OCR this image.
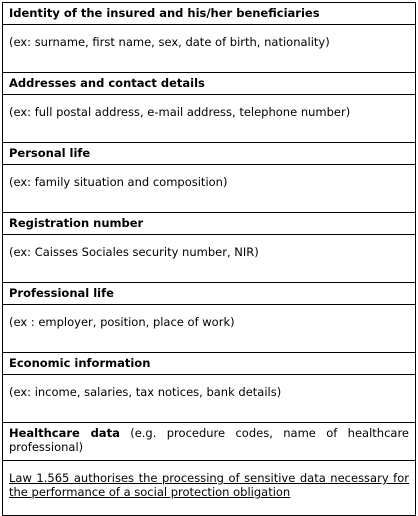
Identity of the insured and his/her beneficiaries
(ex: surname, first name, sex, date of birth, nationality)
Addresses and contact details
(ex: full postal address, e-mail address, telephone number)
Personal life
(ex: family situation and composition)
Registration number
(ex: Caisses Sociales security number, NIR)
Professional life
(ex : employer, position, place of work)
Economic information
(ex: income, salaries, tax notices, bank details)
Healthcare data (e.g. procedure codes, name of healthcare professional)
Law 1.565 authorises the processing of sensitive data necessary for the performance of a social protection obligation
